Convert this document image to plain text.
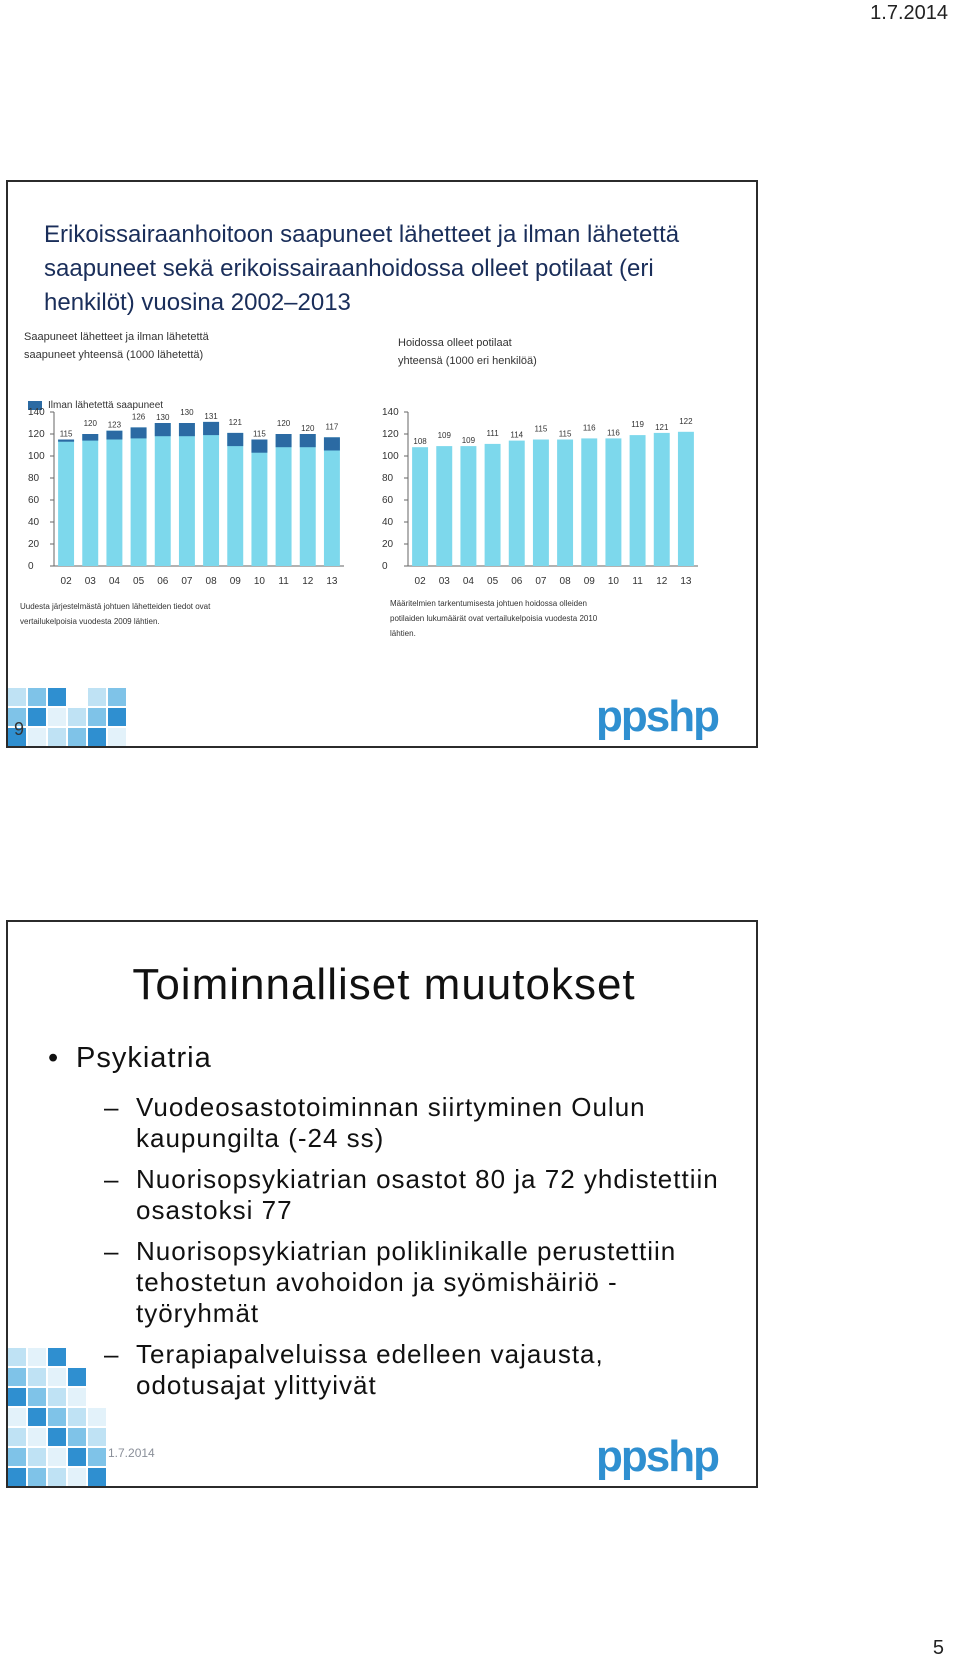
1.7.2014
Erikoissairaanhoitoon saapuneet lähetteet ja ilman lähetettä saapuneet sekä erikoissairaanhoidossa olleet potilaat (eri henkilöt) vuosina 2002–2013
Saapuneet lähetteet ja ilman lähetettä
saapuneet yhteensä (1000 lähetettä)
Hoidossa olleet potilaat
yhteensä (1000 eri henkilöä)
Ilman lähetettä saapuneet
0
20
40
60
80
100
120
140
115
02
120
03
123
04
126
05
130
06
130
07
131
08
121
09
115
10
120
11
120
12
117
13
0
20
40
60
80
100
120
140
108
02
109
03
109
04
111
05
114
06
115
07
115
08
116
09
116
10
119
11
121
12
122
13
Uudesta järjestelmästä johtuen lähetteiden tiedot ovat
vertailukelpoisia vuodesta 2009 lähtien.
Määritelmien tarkentumisesta johtuen hoidossa olleiden
potilaiden lukumäärät ovat vertailukelpoisia vuodesta 2010
lähtien.
9	ppshp
Toiminnalliset muutokset
• Psykiatria
– Vuodeosastotoiminnan siirtyminen Oulun kaupungilta (-24 ss)
– Nuorisopsykiatrian osastot 80 ja 72 yhdistettiin osastoksi 77
– Nuorisopsykiatrian poliklinikalle perustettiin tehostetun avohoidon ja syömishäiriö - työryhmät
– Terapiapalveluissa edelleen vajausta, odotusajat ylittyivät
1.7.2014	ppshp
5
